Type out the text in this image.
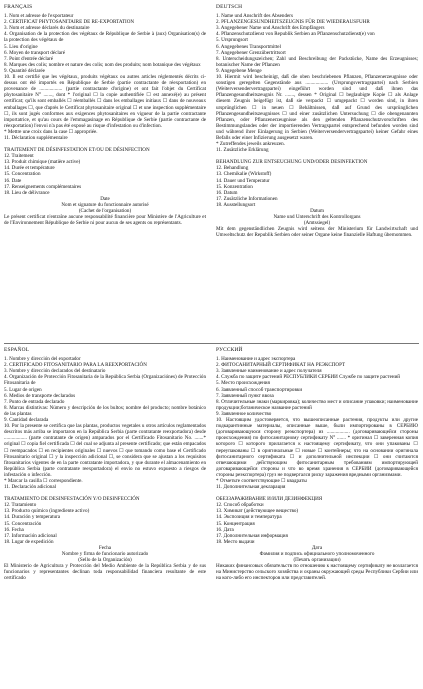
FRANÇAIS

1. Nom et adresse de l'exportateur

2. CERTIFICAT PHYTOSANITAIRE DE RE-EXPORTATION

3. Nom et adresse déclarés du destinataire

4. Organisation de la protection des végétaux de République de Serbie à (aux) Organisation(s) de la protection des végétaux de

5. Lieu d'origine

6. Moyen de transport déclaré

7. Point d'entrée déclaré

8. Marques des colis; nombre et nature des colis; nom des produits; nom botanique des végétaux

9. Quantité déclarée

10. Il est certifié que les végétaux, produits végétaux ou autres articles réglementés décrits ci-dessus ont été importés en République de Serbie (partie contractante de réexportation) en provenance de .................. (partie contractante d'origine) et ont fait l'objet du Certificat phytosanitaire N° ......., dont * l'original ☐ la copie authentifiée ☐ est annexé(e) au présent certificat; qu'ils sont emballés ☐ réemballés ☐ dans les emballages initiaux ☐ dans de nouveaux emballages ☐, que d'après le Certificat phytosanitaire original ☐ et une inspection supplémentaire ☐, ils sont jugés conformes aux exigences phytosanitaires en vigueur de la partie contractante importatrice, et qu'au cours de l'emmagasinage en République de Serbie (partie contractante de réexportation) l'envoi n'a pas été exposé au risque d'infestation ou d'infection.

* Mettre une croix dans la case ☐ appropriée.

11. Déclaration supplémentaire

TRAITEMENT DE DÉSINFESTATION ET/OU DE DÉSINFECTION

12. Traitement

13. Produit chimique (matière active)

14. Durée et température

15. Concentration

16. Date

17. Renseignements complémentaires

18. Lieu de délivrance

Date
Nom et signature du fonctionnaire autorisé
(Cachet de l'organisation)

Le présent certificat n'entraîne aucune responsabilité financière pour Ministère de l'Agriculture et de l'Environnement République de Serbie ni pour aucun de ses agents ou représentants.

DEUTSCH

1. Name und Anschrift des Absenders

2. PFLANZENGESUNDHEITSZEUGNIS FÜR DIE WIEDERAUSFUHR

3. Angegebener Name und Anschrift des Empfängers

4. Pflanzenschutzdienst von Republik Serbien an Pflanzenschutzdienst(e) von

5. Ursprungsort

6. Angegebenes Transportmittel

7. Angegebener Grenzübertrittsort

8. Unterscheidungszeichen; Zahl und Beschreibung der Packstücke, Name des Erzeugnisses; botanischer Name der Pflanzen

9. Angegebene Menge

10. Hiermit wird bescheinigt, daß die oben beschriebenen Pflanzen, Pflanzenerzeugnisse oder sonstigen geregelten Gegenstände aus .................. (Ursprungsvertragspartei) nach Serbien (Weiterversendervertragspartei) eingeführt worden sind und daß ihnen das Pflanzengesundheitszeugnis Nr. ......., dessen * Original ☐ beglaubigte Kopie ☐ als Anlage diesem Zeugnis beigefügt ist, daß sie verpackt ☐ umgepackt ☐ worden sind, in ihren ursprünglichen ☐ in neuen ☐ Behältnissen, daß auf Grund des ursprünglichen Pflanzengesundheitszeugnisses ☐ und einer zusätzlichen Untersuchung ☐ die obengenannten Pflanzen, oder Pflanzenerzeugnisse als den geltenden Pflanzenschutzvorschriften des Bestimmungslandes oder der importierenden Vertragspartei entsprechend befunden worden sind und während ihrer Einlagerung in Serbien (Weiterversendervertragspartei) keiner Gefahr eines Befalls oder einer Infizierung ausgesetzt waren.

* Zutreffendes jeweils ankreuzen.

11. Zusätzliche Erklärung

BEHANDLUNG ZUR ENTSEUCHUNG UND/ODER DESINFEKTION

12. Behandlung

13. Chemikalie (Wirkstoff)

14. Dauer und Temperatur

15. Konzentration

16. Datum

17. Zusätzliche Informationen

18. Ausstellungsort

Datum
Name und Unterschrift des Kontrollorgans
(Amtssiegel)

Mit dem gegenständlichen Zeugnis wird seitens der Ministerium für Landwirtschaft und Umweltschutz der Republik Serbien oder seiner Organe keine finanzielle Haftung übernommen.

ESPAÑOL

1. Nombre y dirección del exportador

2. CERTIFICADO FITOSANITARIO PARA LA REEXPORTACIÓN

3. Nombre y dirección declarados del destinatario

4. Organización de Protección Fitosanitaria de la República Serbia (Organizaciónes) de Protección Fitosanitaria de

5. Lugar de origen

6. Medios de transporte declarados

7. Punto de entrada declarado

8. Marcas distintivas: Número y descripción de los bultos; nombre del producto; nombre botánico de las plantas

9. Cantidad declarada

10. Por la presente se certifica que las plantas, productos vegetales u otros artículos reglamentados descritos más arriba se importaron en la República Serbia (parte contratante reexportadora) desde .................. (parte contratante de origen) amparados por el Certificado Fitosanitario No. .......* original ☐ copia fiel certificada ☐ del cual se adjunta al presente certificado; que están empacados ☐ reempacados ☐ en recipientes originales ☐ nuevos ☐ que tomando como base el Certificado Fitosanitario original ☐ y la inspección adicional ☐, se considera que se ajustan a los requisitos fitosanitarios vigentes de en la parte contratante importadora, y que durante el almacenamiento en República Serbia (parte contratante reexportadora) el envío no estuvo expuesto a riesgos de infestación o infección.

* Marcar la casilla ☐ correspondiente.

11. Declaración adicional

TRATAMIENTO DE DESINFESTACIÓN Y/O DESINFECCIÓN

12. Tratamiento

13. Producto químico (ingrediente activo)

14. Duración y temperatura

15. Concentración

16. Fecha

17. Información adicional

18. Lugar de expedición

Fecha
Nombre y firma de funcionario autorizado
(Sello de la Organización)

El Ministerio de Agricultura y Protección del Medio Ambiente de la República Serbia y de sus funcionarios y representantes declinan toda responsabilidad financiera resultante de este certificado

РУССКИЙ

1. Наименование и адрес экспортера

2. ФИТОСАНИТАРНЫЙ СЕРТИФИКАТ НА РЕЭКСПОРТ

3. Заявленные наименование и адрес получателя

4. Служба по защите растений РЕСПУБЛИКИ СЕРБИИ Службе по защите растений

5. Место происхождения

6. Заявленный способ транспортировки

7. Заявленный пункт ввоза

8. Отличительные знаки (маркировка); количество мест и описание упаковки; наименование продукции;ботаническое название растений

9. Заявленное количество

10. Настоящим удостоверяется, что вышеописанные растения, продукты или другие подкарантинные материалы, описанные выше, были импортированы в СЕРБИЮ (договаривающуюся сторону реэкспортера) из .................. (договаривающейся стороны происхождения) по фитосанитарному сертификату N° ....... * оригинал ☐ заверенная копия которого ☐ которого прилагается к настоящему сертификату, что они упакованы ☐ переупакованы ☐ в оригинальные ☐ новые ☐ контейнеры; что на основании оригинала фитосанитарного сертификата ☐ и дополнительной инспекции ☐ они считаются отвечающими действующим фитосанитарным требованиям импортирующей договаривающейся стороны и что во время хранения в СЕРБИИ (договаривающейся стороны реэкспортера) груз не подвергался риску заражения вредными организмами.

* Отметьте соответствующие ☐ квадраты

11. Дополнительная декларация

ОБЕЗЗАРАЖИВАНИЕ И/ИЛИ ДЕЗИНФЕКЦИЯ

12. Способ обработки

13. Химикат (действующее вещество)

14. Экспозиция и температура

15. Концентрация

16. Дата

17. Дополнительная информация

18. Место выдачи

Дата
Фамилия и подпись официального уполномоченного
(Печать организации)

Никаких финансовых обязательств по отношению к настоящему сертификату не возлагается на Министерство сельского хозяйства и охраны окружающей среды Республики Сербии или на кого-либо его инспекторов или представителей.
